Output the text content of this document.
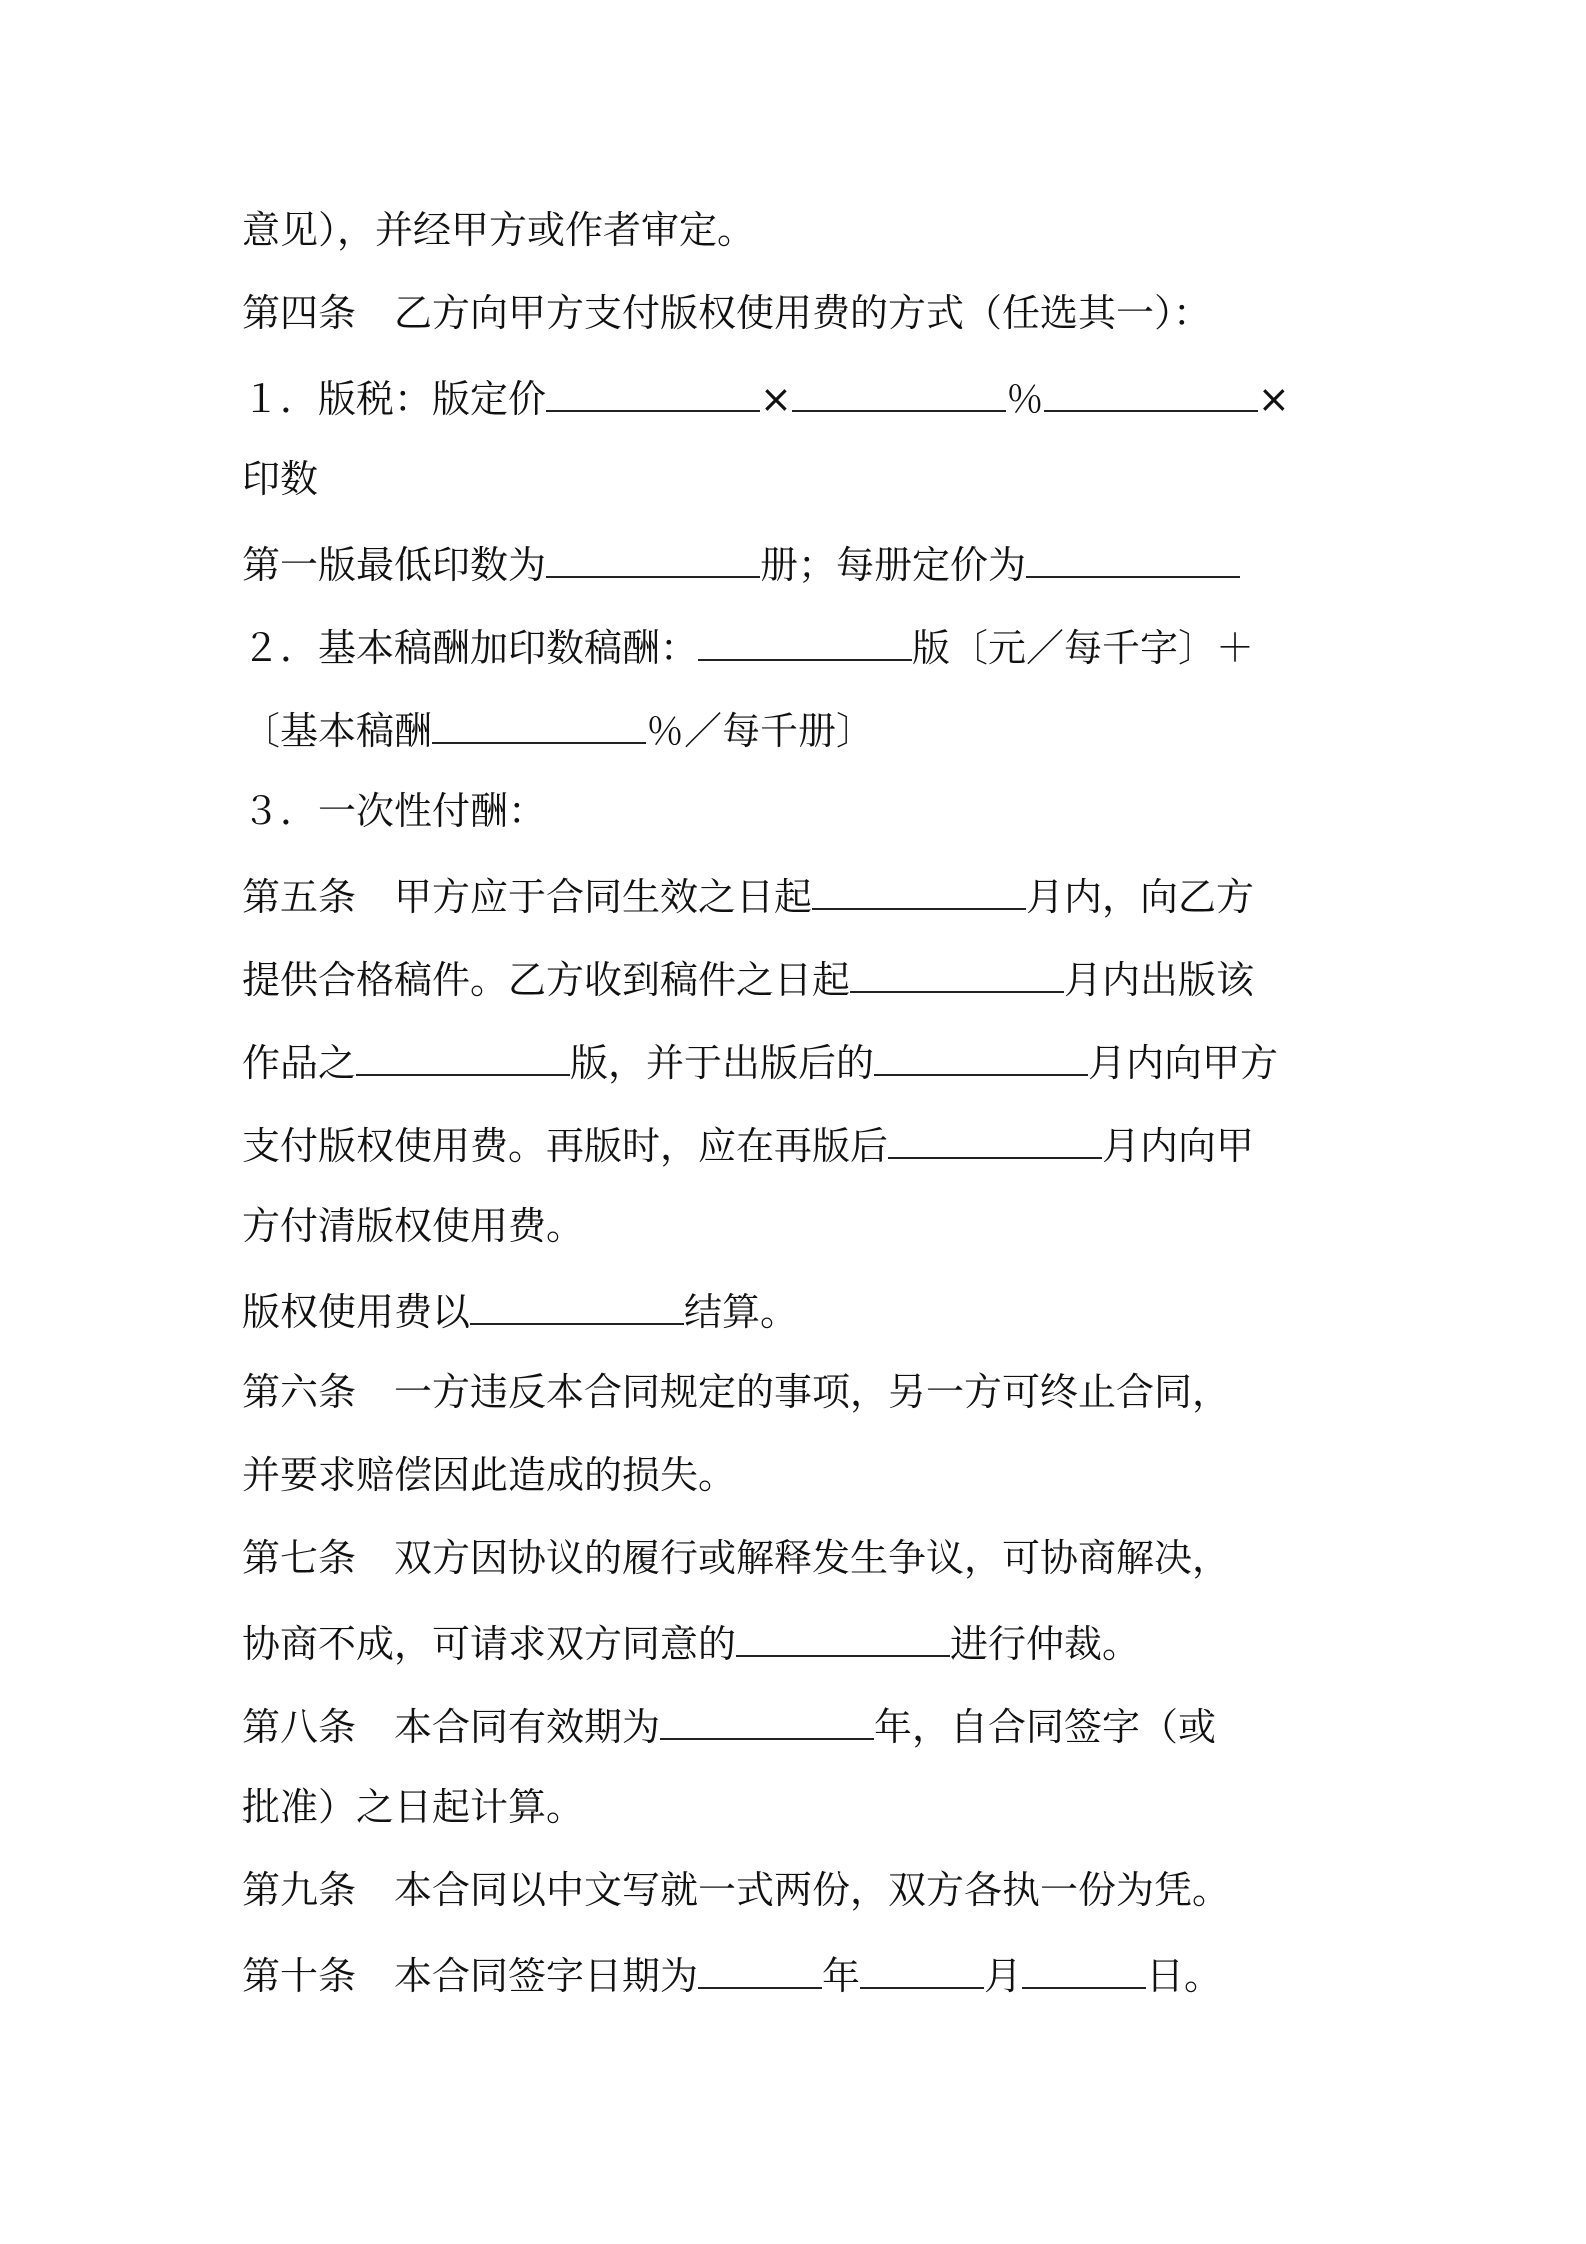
意见），并经甲方或作者审定。
第四条　乙方向甲方支付版权使用费的方式（任选其一）：
１．版税：版定价	×	％	×
印数
第一版最低印数为	册；每册定价为
２．基本稿酬加印数稿酬：	版〔元／每千字〕＋
〔基本稿酬	％／每千册〕
３．一次性付酬：
第五条　甲方应于合同生效之日起	月内，向乙方
提供合格稿件。乙方收到稿件之日起	月内出版该
作品之	版，并于出版后的	月内向甲方
支付版权使用费。再版时，应在再版后	月内向甲
方付清版权使用费。
版权使用费以	结算。
第六条　一方违反本合同规定的事项，另一方可终止合同，
并要求赔偿因此造成的损失。
第七条　双方因协议的履行或解释发生争议，可协商解决，
协商不成，可请求双方同意的	进行仲裁。
第八条　本合同有效期为	年，自合同签字（或
批准）之日起计算。
第九条　本合同以中文写就一式两份，双方各执一份为凭。
第十条　本合同签字日期为	年	月	日。
